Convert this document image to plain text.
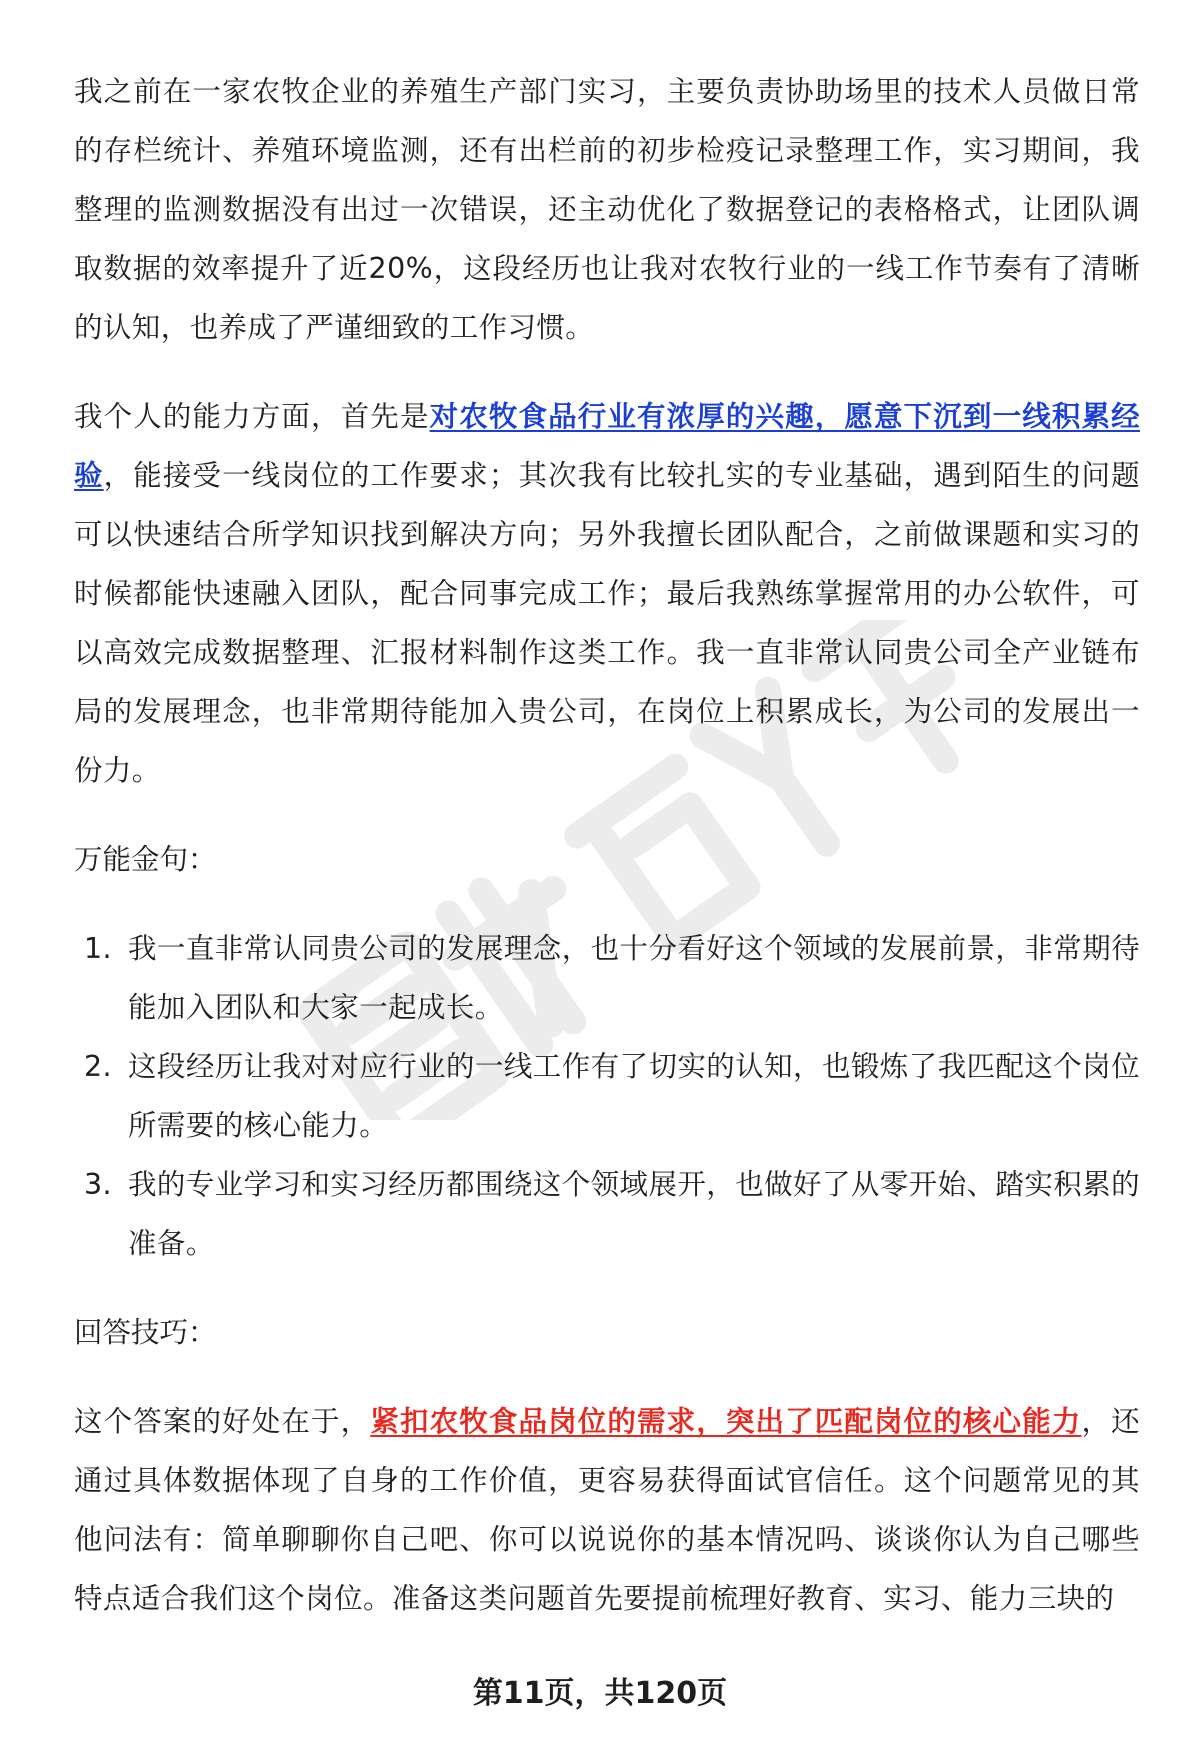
我之前在一家农牧企业的养殖生产部门实习，主要负责协助场里的技术人员做日常的存栏统计、养殖环境监测，还有出栏前的初步检疫记录整理工作，实习期间，我整理的监测数据没有出过一次错误，还主动优化了数据登记的表格格式，让团队调取数据的效率提升了近20%，这段经历也让我对农牧行业的一线工作节奏有了清晰的认知，也养成了严谨细致的工作习惯。

我个人的能力方面，首先是对农牧食品行业有浓厚的兴趣，愿意下沉到一线积累经验，能接受一线岗位的工作要求；其次我有比较扎实的专业基础，遇到陌生的问题可以快速结合所学知识找到解决方向；另外我擅长团队配合，之前做课题和实习的时候都能快速融入团队，配合同事完成工作；最后我熟练掌握常用的办公软件，可以高效完成数据整理、汇报材料制作这类工作。我一直非常认同贵公司全产业链布局的发展理念，也非常期待能加入贵公司，在岗位上积累成长，为公司的发展出一份力。

万能金句：

1. 我一直非常认同贵公司的发展理念，也十分看好这个领域的发展前景，非常期待能加入团队和大家一起成长。
2. 这段经历让我对对应行业的一线工作有了切实的认知，也锻炼了我匹配这个岗位所需要的核心能力。
3. 我的专业学习和实习经历都围绕这个领域展开，也做好了从零开始、踏实积累的准备。

回答技巧：

这个答案的好处在于，紧扣农牧食品岗位的需求，突出了匹配岗位的核心能力，还通过具体数据体现了自身的工作价值，更容易获得面试官信任。这个问题常见的其他问法有：简单聊聊你自己吧、你可以说说你的基本情况吗、谈谈你认为自己哪些特点适合我们这个岗位。准备这类问题首先要提前梳理好教育、实习、能力三块的

第11页，共120页
